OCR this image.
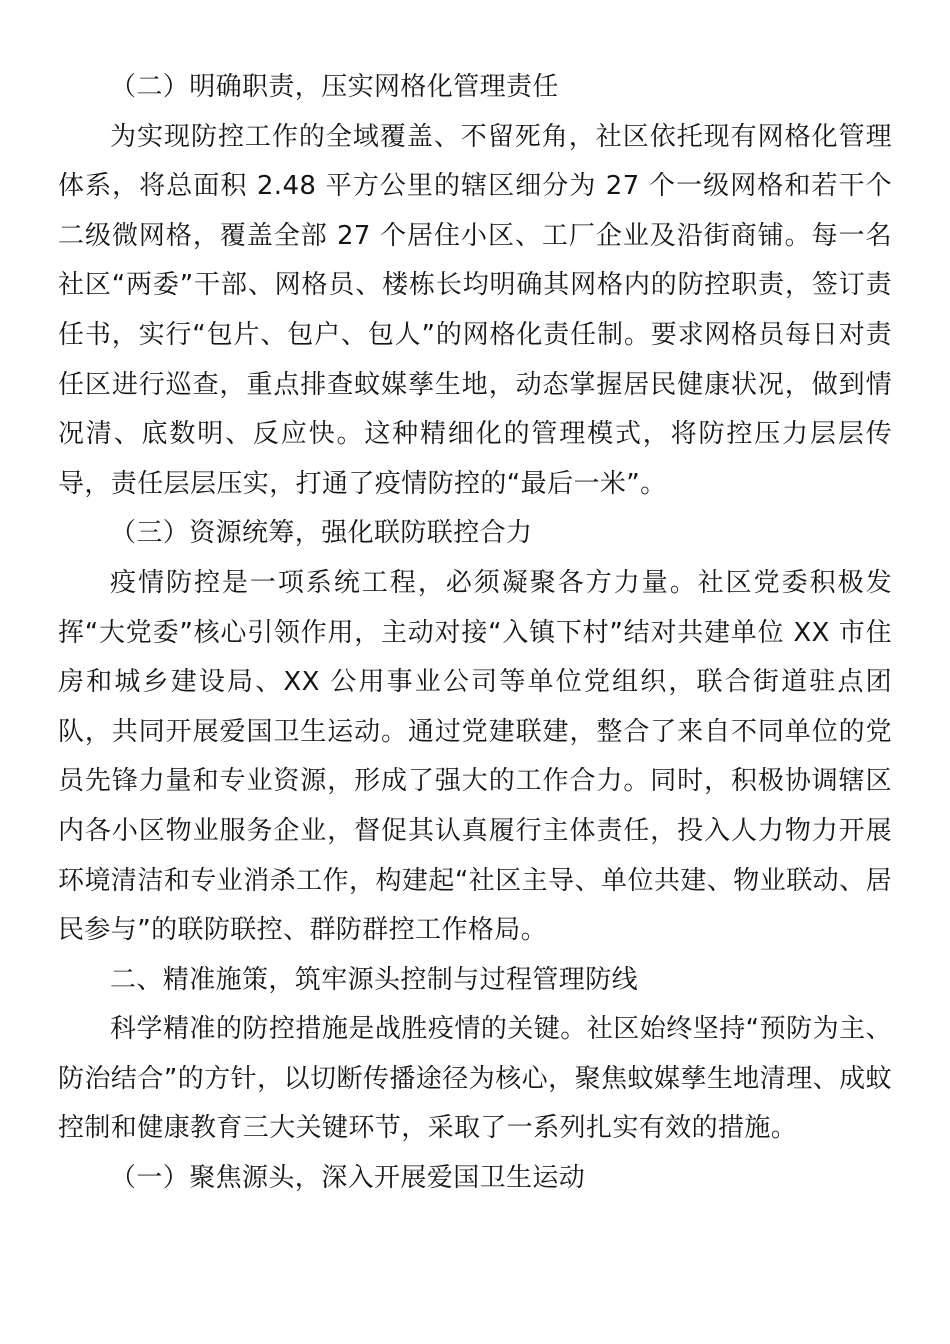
（二）明确职责，压实网格化管理责任

为实现防控工作的全域覆盖、不留死角，社区依托现有网格化管理体系，将总面积 2.48 平方公里的辖区细分为 27 个一级网格和若干个二级微网格，覆盖全部 27 个居住小区、工厂企业及沿街商铺。每一名社区“两委”干部、网格员、楼栋长均明确其网格内的防控职责，签订责任书，实行“包片、包户、包人”的网格化责任制。要求网格员每日对责任区进行巡查，重点排查蚊媒孳生地，动态掌握居民健康状况，做到情况清、底数明、反应快。这种精细化的管理模式，将防控压力层层传导，责任层层压实，打通了疫情防控的“最后一米”。

（三）资源统筹，强化联防联控合力

疫情防控是一项系统工程，必须凝聚各方力量。社区党委积极发挥“大党委”核心引领作用，主动对接“入镇下村”结对共建单位 XX 市住房和城乡建设局、XX 公用事业公司等单位党组织，联合街道驻点团队，共同开展爱国卫生运动。通过党建联建，整合了来自不同单位的党员先锋力量和专业资源，形成了强大的工作合力。同时，积极协调辖区内各小区物业服务企业，督促其认真履行主体责任，投入人力物力开展环境清洁和专业消杀工作，构建起“社区主导、单位共建、物业联动、居民参与”的联防联控、群防群控工作格局。

二、精准施策，筑牢源头控制与过程管理防线

科学精准的防控措施是战胜疫情的关键。社区始终坚持“预防为主、防治结合”的方针，以切断传播途径为核心，聚焦蚊媒孳生地清理、成蚊控制和健康教育三大关键环节，采取了一系列扎实有效的措施。

（一）聚焦源头，深入开展爱国卫生运动
